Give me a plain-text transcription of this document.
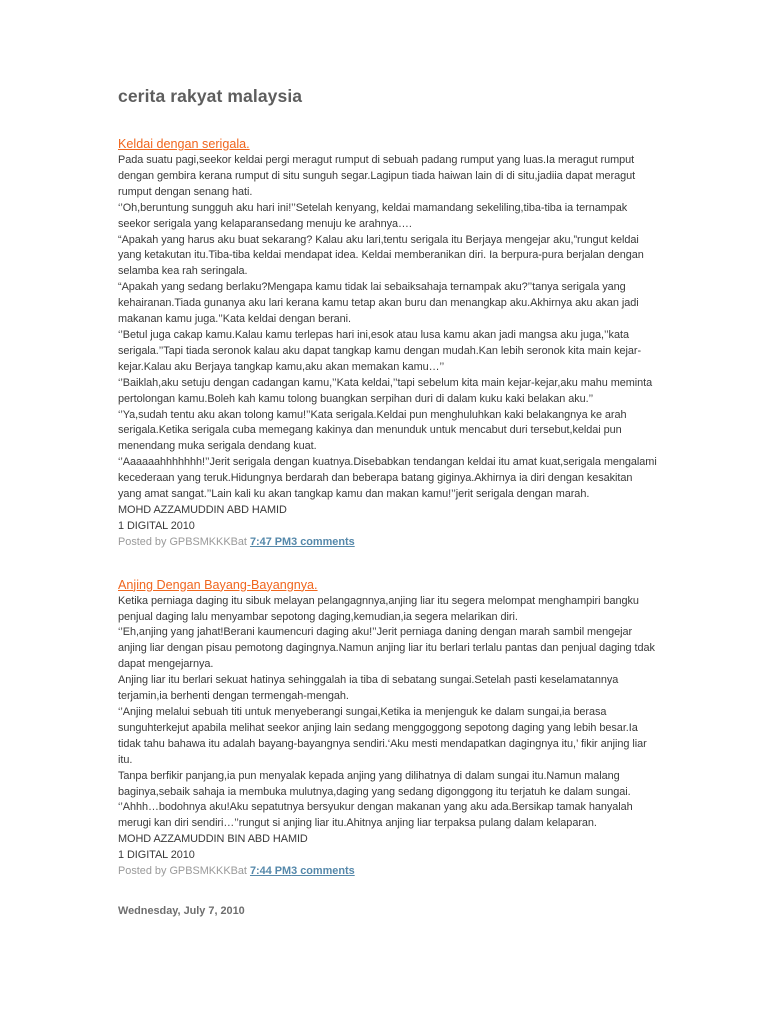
cerita rakyat malaysia
Keldai dengan serigala.

Pada suatu pagi,seekor keldai pergi meragut rumput di sebuah padang rumput yang luas.Ia meragut rumput

dengan gembira kerana rumput di situ sunguh segar.Lagipun tiada haiwan lain di di situ,jadiia dapat meragut

rumput dengan senang hati.

‘’Oh,beruntung sungguh aku hari ini!’’Setelah kenyang, keldai mamandang sekeliling,tiba-tiba ia ternampak

seekor serigala yang kelaparansedang menuju ke arahnya….

“Apakah yang harus aku buat sekarang? Kalau aku lari,tentu serigala itu Berjaya mengejar aku,”rungut keldai

yang ketakutan itu.Tiba-tiba keldai mendapat idea. Keldai memberanikan diri. Ia berpura-pura berjalan dengan

selamba kea rah seringala.

“Apakah yang sedang berlaku?Mengapa kamu tidak lai sebaiksahaja ternampak aku?’’tanya serigala yang

kehairanan.Tiada gunanya aku lari kerana kamu tetap akan buru dan menangkap aku.Akhirnya aku akan jadi

makanan kamu juga.’’Kata keldai dengan berani.

‘’Betul juga cakap kamu.Kalau kamu terlepas hari ini,esok atau lusa kamu akan jadi mangsa aku juga,’’kata

serigala.’’Tapi tiada seronok kalau aku dapat tangkap kamu dengan mudah.Kan lebih seronok kita main kejar-

kejar.Kalau aku Berjaya tangkap kamu,aku akan memakan kamu…’’

‘’Baiklah,aku setuju dengan cadangan kamu,’’Kata keldai,’’tapi sebelum kita main kejar-kejar,aku mahu meminta

pertolongan kamu.Boleh kah kamu tolong buangkan serpihan duri di dalam kuku kaki belakan aku.’’

‘’Ya,sudah tentu aku akan tolong kamu!’’Kata serigala.Keldai pun menghuluhkan kaki belakangnya ke arah

serigala.Ketika serigala cuba memegang kakinya dan menunduk untuk mencabut duri tersebut,keldai pun

menendang muka serigala dendang kuat.

‘’Aaaaaahhhhhhh!’’Jerit serigala dengan kuatnya.Disebabkan tendangan keldai itu amat kuat,serigala mengalami

kecederaan yang teruk.Hidungnya berdarah dan beberapa batang giginya.Akhirnya ia diri dengan kesakitan

yang amat sangat.’’Lain kali ku akan tangkap kamu dan makan kamu!’’jerit serigala dengan marah.

MOHD AZZAMUDDIN ABD HAMID

1 DIGITAL 2010

Posted by GPBSMKKKBat 7:47 PM3 comments
Anjing Dengan Bayang-Bayangnya.

Ketika perniaga daging itu sibuk melayan pelangagnnya,anjing liar itu segera melompat menghampiri bangku

penjual daging lalu menyambar sepotong daging,kemudian,ia segera melarikan diri.

‘’Eh,anjing yang jahat!Berani kaumencuri daging aku!’’Jerit perniaga daning dengan marah sambil mengejar

anjing liar dengan pisau pemotong dagingnya.Namun anjing liar itu berlari terlalu pantas dan penjual daging tdak

dapat mengejarnya.

Anjing liar itu berlari sekuat hatinya sehinggalah ia tiba di sebatang sungai.Setelah pasti keselamatannya

terjamin,ia berhenti dengan termengah-mengah.

‘’Anjing melalui sebuah titi untuk menyeberangi sungai,Ketika ia menjenguk ke dalam sungai,ia berasa

sunguhterkejut apabila melihat seekor anjing lain sedang menggoggong sepotong daging yang lebih besar.Ia

tidak tahu bahawa itu adalah bayang-bayangnya sendiri.‘Aku mesti mendapatkan dagingnya itu,’ fikir anjing liar

itu.

Tanpa berfikir panjang,ia pun menyalak kepada anjing yang dilihatnya di dalam sungai itu.Namun malang

baginya,sebaik sahaja ia membuka mulutnya,daging yang sedang digonggong itu terjatuh ke dalam sungai.

‘’Ahhh…bodohnya aku!Aku sepatutnya bersyukur dengan makanan yang aku ada.Bersikap tamak hanyalah

merugi kan diri sendiri…’’rungut si anjing liar itu.Ahitnya anjing liar terpaksa pulang dalam kelaparan.

MOHD AZZAMUDDIN BIN ABD HAMID

1 DIGITAL 2010

Posted by GPBSMKKKBat 7:44 PM3 comments
Wednesday, July 7, 2010
